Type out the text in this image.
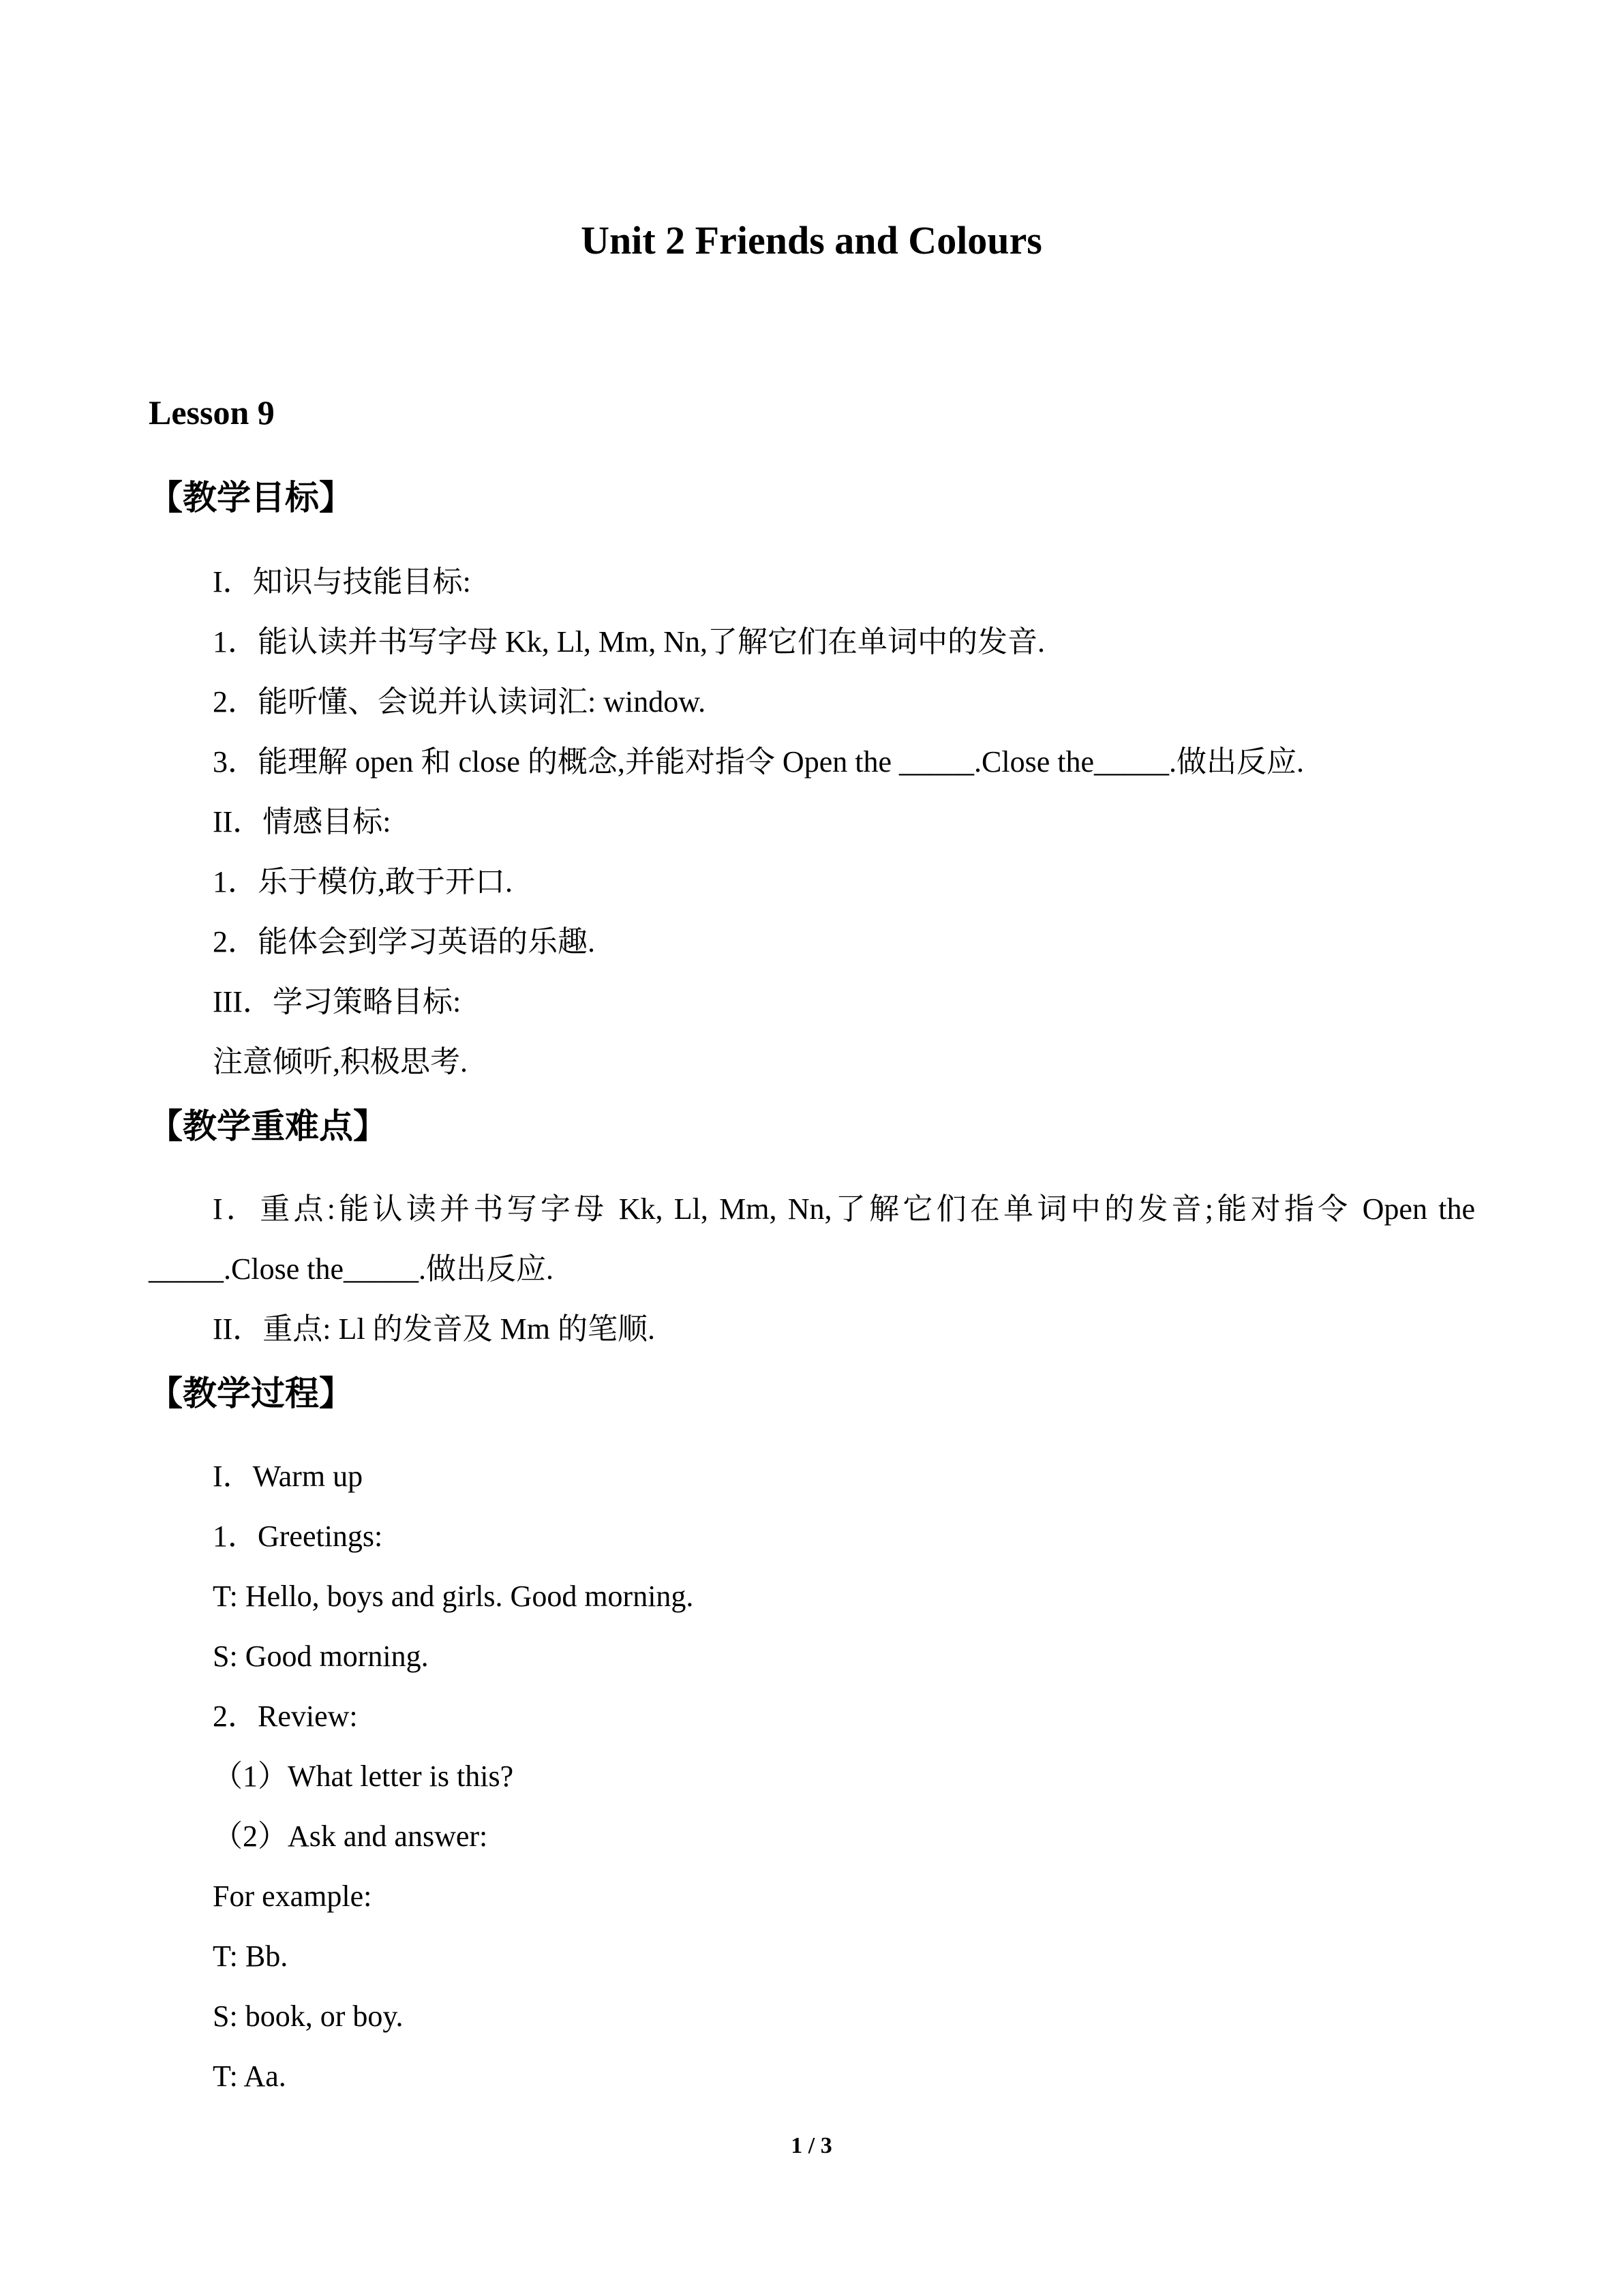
Unit 2 Friends and Colours
Lesson 9
【教学目标】
I．知识与技能目标:
1．能认读并书写字母 Kk, Ll, Mm, Nn,了解它们在单词中的发音.
2．能听懂、会说并认读词汇: window.
3．能理解 open 和 close 的概念,并能对指令 Open the _____.Close the_____.做出反应.
II．情感目标:
1．乐于模仿,敢于开口.
2．能体会到学习英语的乐趣.
III．学习策略目标:
注意倾听,积极思考.
【教学重难点】
I．重点:能认读并书写字母 Kk, Ll, Mm, Nn,了解它们在单词中的发音;能对指令 Open the
_____.Close the_____.做出反应.
II．重点: Ll 的发音及 Mm 的笔顺.
【教学过程】
I．Warm up
1．Greetings:
T: Hello, boys and girls. Good morning.
S: Good morning.
2．Review:
（1）What letter is this?
（2）Ask and answer:
For example:
T: Bb.
S: book, or boy.
T: Aa.
1 / 3
